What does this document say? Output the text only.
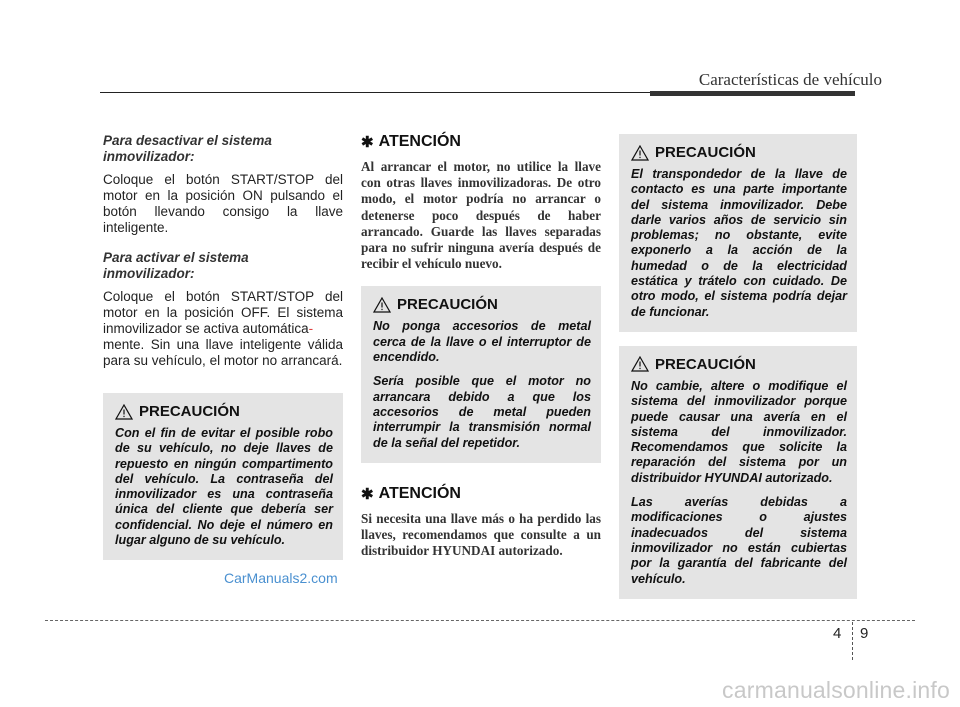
Características de vehículo

Para desactivar el sistema inmovilizador:

Coloque el botón START/STOP del motor en la posición ON pulsando el botón llevando consigo la llave inteligente.

Para activar el sistema inmovilizador:

Coloque el botón START/STOP del motor en la posición OFF. El sistema inmovilizador se activa automática-
mente. Sin una llave inteligente válida para su vehículo, el motor no arrancará.

PRECAUCIÓN

Con el fin de evitar el posible robo de su vehículo, no deje llaves de repuesto en ningún compartimento del vehículo. La contraseña del inmovilizador es una contraseña única del cliente que debería ser confidencial. No deje el número en lugar alguno de su vehículo.

✱ ATENCIÓN

Al arrancar el motor, no utilice la llave con otras llaves inmovilizadoras. De otro modo, el motor podría no arrancar o detenerse poco después de haber arrancado. Guarde las llaves separadas para no sufrir ninguna avería después de recibir el vehículo nuevo.

PRECAUCIÓN

No ponga accesorios de metal cerca de la llave o el interruptor de encendido.

Sería posible que el motor no arrancara debido a que los accesorios de metal pueden interrumpir la transmisión normal de la señal del repetidor.

✱ ATENCIÓN

Si necesita una llave más o ha perdido las llaves, recomendamos que consulte a un distribuidor HYUNDAI autorizado.

PRECAUCIÓN

El transpondedor de la llave de contacto es una parte importante del sistema inmovilizador. Debe darle varios años de servicio sin problemas; no obstante, evite exponerlo a la acción de la humedad o de la electricidad estática y trátelo con cuidado. De otro modo, el sistema podría dejar de funcionar.

PRECAUCIÓN

No cambie, altere o modifique el sistema del inmovilizador porque puede causar una avería en el sistema del inmovilizador. Recomendamos que solicite la reparación del sistema por un distribuidor HYUNDAI autorizado.

Las averías debidas a modificaciones o ajustes inadecuados del sistema inmovilizador no están cubiertas por la garantía del fabricante del vehículo.

CarManuals2.com
4 9
carmanualsonline.info
